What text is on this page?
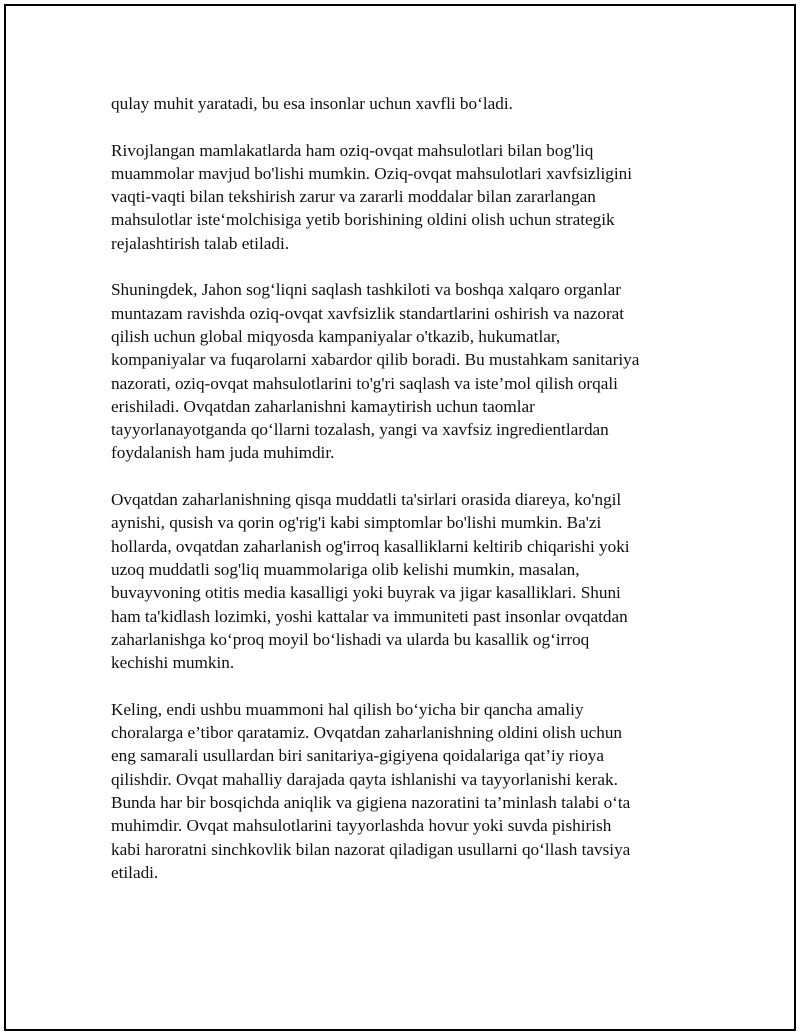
qulay muhit yaratadi, bu esa insonlar uchun xavfli bo‘ladi.
Rivojlangan mamlakatlarda ham oziq-ovqat mahsulotlari bilan bog'liq
muammolar mavjud bo'lishi mumkin. Oziq-ovqat mahsulotlari xavfsizligini
vaqti-vaqti bilan tekshirish zarur va zararli moddalar bilan zararlangan
mahsulotlar iste‘molchisiga yetib borishining oldini olish uchun strategik
rejalashtirish talab etiladi.
Shuningdek, Jahon sog‘liqni saqlash tashkiloti va boshqa xalqaro organlar
muntazam ravishda oziq-ovqat xavfsizlik standartlarini oshirish va nazorat
qilish uchun global miqyosda kampaniyalar o'tkazib, hukumatlar,
kompaniyalar va fuqarolarni xabardor qilib boradi. Bu mustahkam sanitariya
nazorati, oziq-ovqat mahsulotlarini to'g'ri saqlash va iste’mol qilish orqali
erishiladi. Ovqatdan zaharlanishni kamaytirish uchun taomlar
tayyorlanayotganda qo‘llarni tozalash, yangi va xavfsiz ingredientlardan
foydalanish ham juda muhimdir.
Ovqatdan zaharlanishning qisqa muddatli ta'sirlari orasida diareya, ko'ngil
aynishi, qusish va qorin og'rig'i kabi simptomlar bo'lishi mumkin. Ba'zi
hollarda, ovqatdan zaharlanish og'irroq kasalliklarni keltirib chiqarishi yoki
uzoq muddatli sog'liq muammolariga olib kelishi mumkin, masalan,
buvayvoning otitis media kasalligi yoki buyrak va jigar kasalliklari. Shuni
ham ta'kidlash lozimki, yoshi kattalar va immuniteti past insonlar ovqatdan
zaharlanishga ko‘proq moyil bo‘lishadi va ularda bu kasallik og‘irroq
kechishi mumkin.
Keling, endi ushbu muammoni hal qilish bo‘yicha bir qancha amaliy
choralarga e’tibor qaratamiz. Ovqatdan zaharlanishning oldini olish uchun
eng samarali usullardan biri sanitariya-gigiyena qoidalariga qat’iy rioya
qilishdir. Ovqat mahalliy darajada qayta ishlanishi va tayyorlanishi kerak.
Bunda har bir bosqichda aniqlik va gigiena nazoratini ta’minlash talabi o‘ta
muhimdir. Ovqat mahsulotlarini tayyorlashda hovur yoki suvda pishirish
kabi haroratni sinchkovlik bilan nazorat qiladigan usullarni qo‘llash tavsiya
etiladi.
